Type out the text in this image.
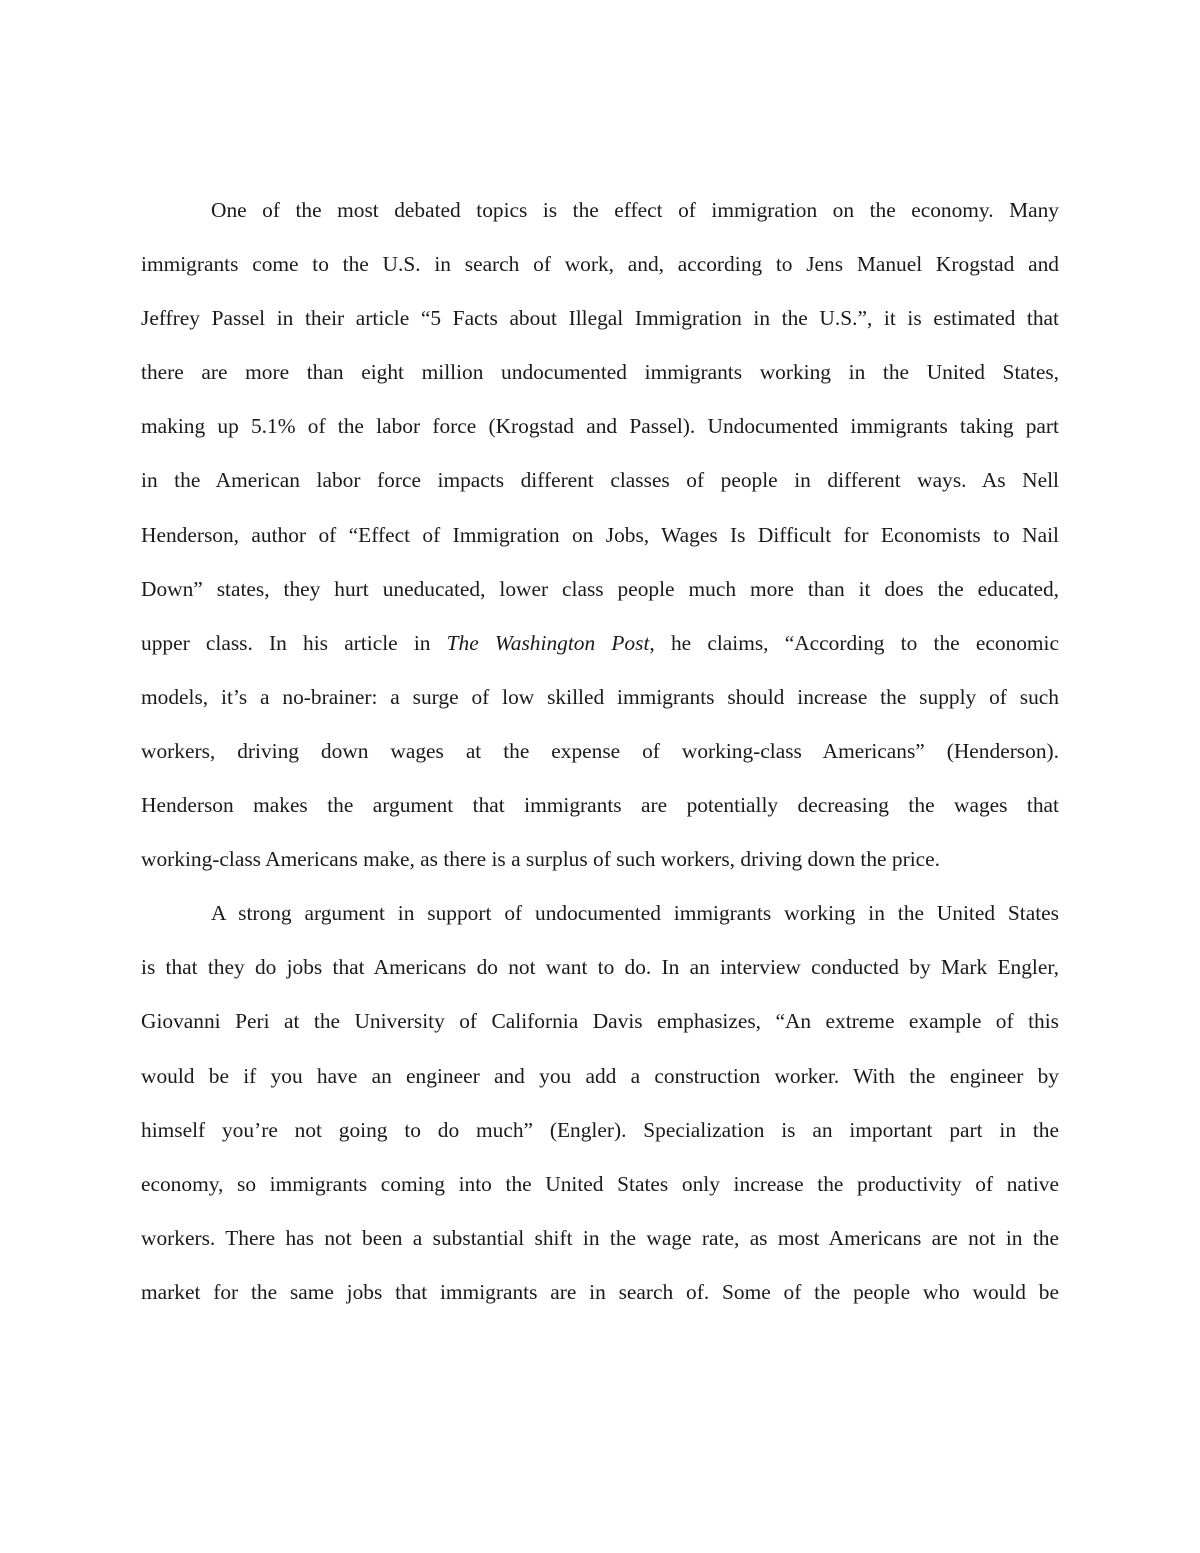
One of the most debated topics is the effect of immigration on the economy. Many
immigrants come to the U.S. in search of work, and, according to Jens Manuel Krogstad and
Jeffrey Passel in their article “5 Facts about Illegal Immigration in the U.S.”, it is estimated that
there are more than eight million undocumented immigrants working in the United States,
making up 5.1% of the labor force (Krogstad and Passel). Undocumented immigrants taking part
in the American labor force impacts different classes of people in different ways. As Nell
Henderson, author of “Effect of Immigration on Jobs, Wages Is Difficult for Economists to Nail
Down” states, they hurt uneducated, lower class people much more than it does the educated,
upper class. In his article in The Washington Post, he claims, “According to the economic
models, it’s a no-brainer: a surge of low skilled immigrants should increase the supply of such
workers, driving down wages at the expense of working-class Americans” (Henderson).
Henderson makes the argument that immigrants are potentially decreasing the wages that
working-class Americans make, as there is a surplus of such workers, driving down the price.
A strong argument in support of undocumented immigrants working in the United States
is that they do jobs that Americans do not want to do. In an interview conducted by Mark Engler,
Giovanni Peri at the University of California Davis emphasizes, “An extreme example of this
would be if you have an engineer and you add a construction worker. With the engineer by
himself you’re not going to do much” (Engler). Specialization is an important part in the
economy, so immigrants coming into the United States only increase the productivity of native
workers. There has not been a substantial shift in the wage rate, as most Americans are not in the
market for the same jobs that immigrants are in search of. Some of the people who would be
